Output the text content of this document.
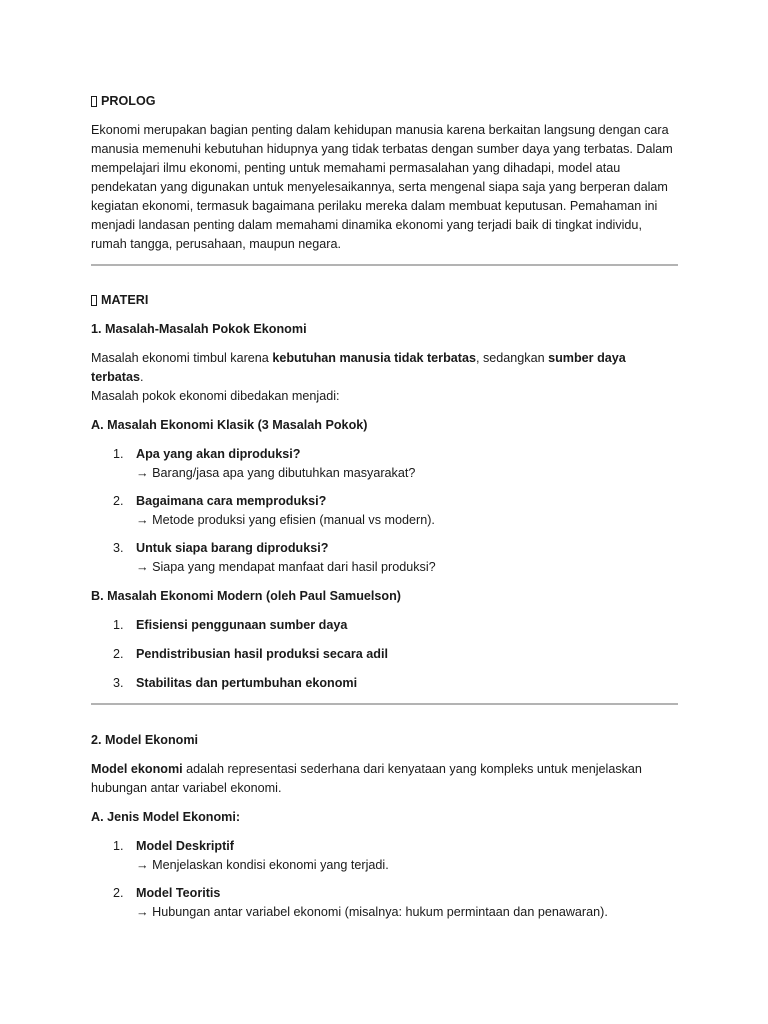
PROLOG

Ekonomi merupakan bagian penting dalam kehidupan manusia karena berkaitan langsung dengan cara

manusia memenuhi kebutuhan hidupnya yang tidak terbatas dengan sumber daya yang terbatas. Dalam

mempelajari ilmu ekonomi, penting untuk memahami permasalahan yang dihadapi, model atau

pendekatan yang digunakan untuk menyelesaikannya, serta mengenal siapa saja yang berperan dalam

kegiatan ekonomi, termasuk bagaimana perilaku mereka dalam membuat keputusan. Pemahaman ini

menjadi landasan penting dalam memahami dinamika ekonomi yang terjadi baik di tingkat individu,

rumah tangga, perusahaan, maupun negara.

MATERI

1. Masalah-Masalah Pokok Ekonomi

Masalah ekonomi timbul karena kebutuhan manusia tidak terbatas, sedangkan sumber daya terbatas.

Masalah pokok ekonomi dibedakan menjadi:

A. Masalah Ekonomi Klasik (3 Masalah Pokok)

1. Apa yang akan diproduksi?

→ Barang/jasa apa yang dibutuhkan masyarakat?

2. Bagaimana cara memproduksi?

→ Metode produksi yang efisien (manual vs modern).

3. Untuk siapa barang diproduksi?

→ Siapa yang mendapat manfaat dari hasil produksi?

B. Masalah Ekonomi Modern (oleh Paul Samuelson)

1. Efisiensi penggunaan sumber daya

2. Pendistribusian hasil produksi secara adil

3. Stabilitas dan pertumbuhan ekonomi

2. Model Ekonomi

Model ekonomi adalah representasi sederhana dari kenyataan yang kompleks untuk menjelaskan

hubungan antar variabel ekonomi.

A. Jenis Model Ekonomi:

1. Model Deskriptif

→ Menjelaskan kondisi ekonomi yang terjadi.

2. Model Teoritis

→ Hubungan antar variabel ekonomi (misalnya: hukum permintaan dan penawaran).
